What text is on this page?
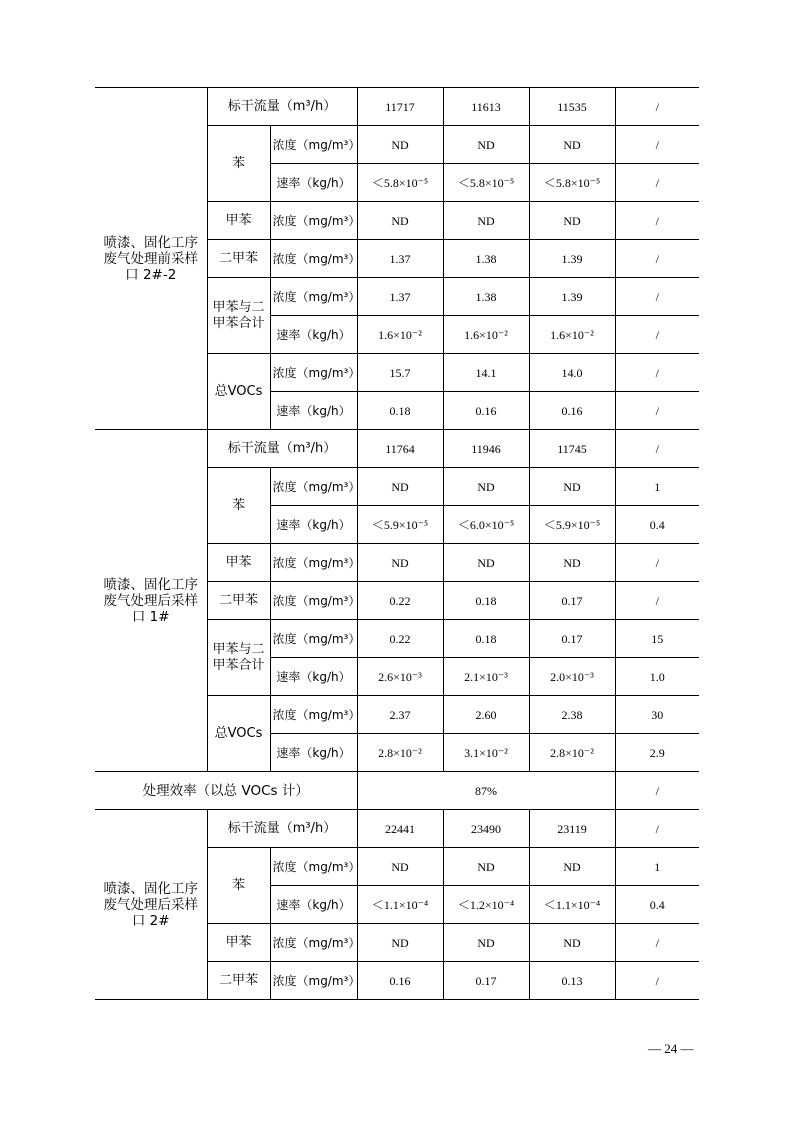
喷漆、固化工序废气处理前采样口 2#-2	标干流量（m³/h）		11717	11613	11535	/
	苯	浓度（mg/m³）	ND	ND	ND	/
		速率（kg/h）	＜5.8×10⁻⁵	＜5.8×10⁻⁵	＜5.8×10⁻⁵	/
	甲苯	浓度（mg/m³）	ND	ND	ND	/
	二甲苯	浓度（mg/m³）	1.37	1.38	1.39	/
	甲苯与二甲苯合计	浓度（mg/m³）	1.37	1.38	1.39	/
		速率（kg/h）	1.6×10⁻²	1.6×10⁻²	1.6×10⁻²	/
	总VOCs	浓度（mg/m³）	15.7	14.1	14.0	/
		速率（kg/h）	0.18	0.16	0.16	/
喷漆、固化工序废气处理后采样口 1#	标干流量（m³/h）		11764	11946	11745	/
	苯	浓度（mg/m³）	ND	ND	ND	1
		速率（kg/h）	＜5.9×10⁻⁵	＜6.0×10⁻⁵	＜5.9×10⁻⁵	0.4
	甲苯	浓度（mg/m³）	ND	ND	ND	/
	二甲苯	浓度（mg/m³）	0.22	0.18	0.17	/
	甲苯与二甲苯合计	浓度（mg/m³）	0.22	0.18	0.17	15
		速率（kg/h）	2.6×10⁻³	2.1×10⁻³	2.0×10⁻³	1.0
	总VOCs	浓度（mg/m³）	2.37	2.60	2.38	30
		速率（kg/h）	2.8×10⁻²	3.1×10⁻²	2.8×10⁻²	2.9
处理效率（以总 VOCs 计）			87%			/
喷漆、固化工序废气处理后采样口 2#	标干流量（m³/h）		22441	23490	23119	/
	苯	浓度（mg/m³）	ND	ND	ND	1
		速率（kg/h）	＜1.1×10⁻⁴	＜1.2×10⁻⁴	＜1.1×10⁻⁴	0.4
	甲苯	浓度（mg/m³）	ND	ND	ND	/
	二甲苯	浓度（mg/m³）	0.16	0.17	0.13	/
— 24 —
